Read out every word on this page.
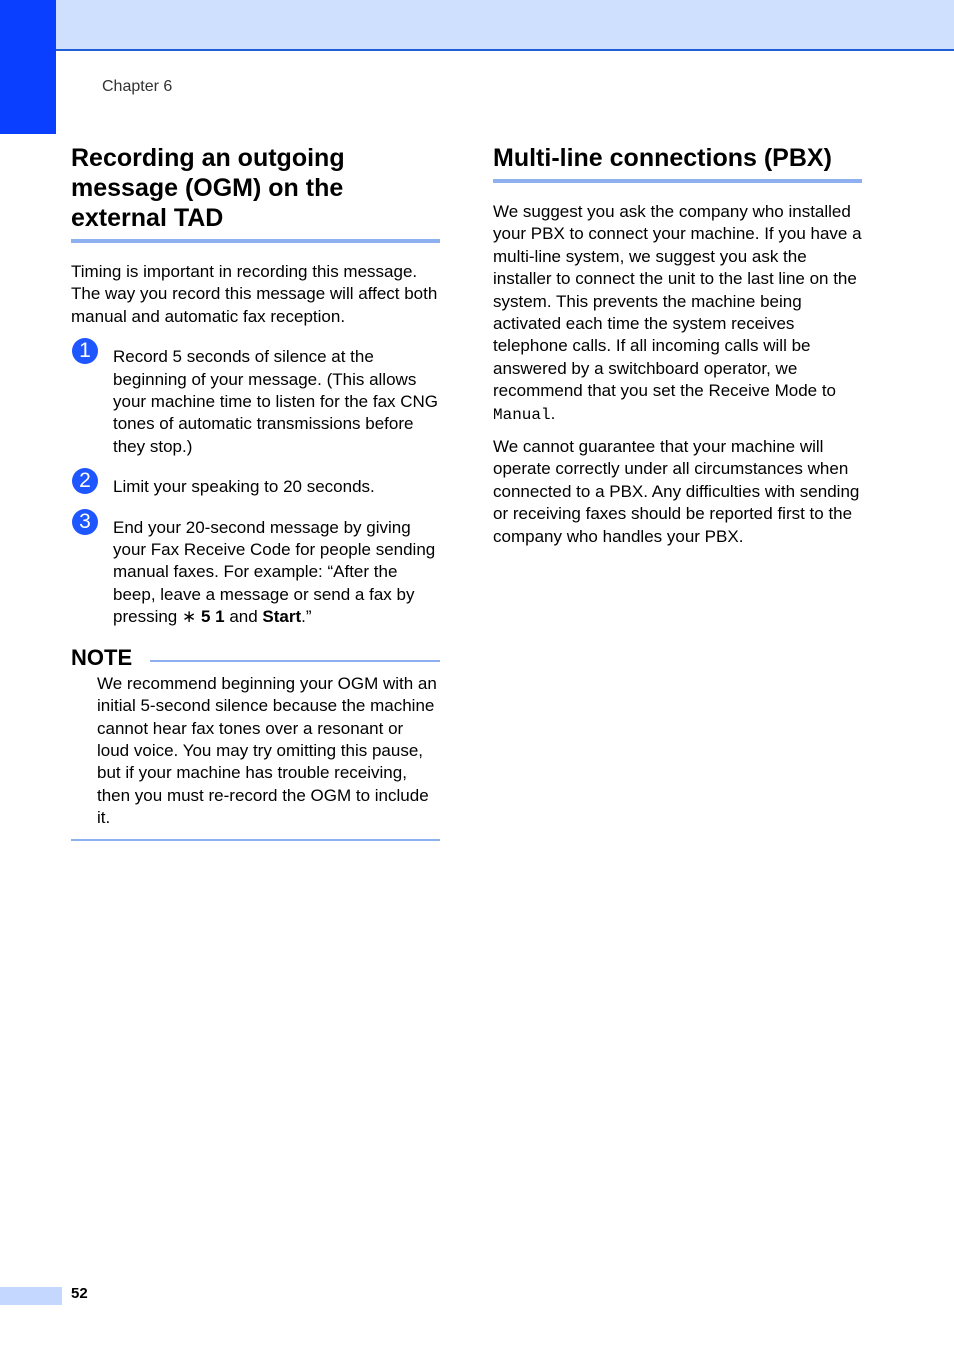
Chapter 6
Recording an outgoing message (OGM) on the external TAD

Timing is important in recording this message. The way you record this message will affect both manual and automatic fax reception.

1	Record 5 seconds of silence at the beginning of your message. (This allows your machine time to listen for the fax CNG tones of automatic transmissions before they stop.)
2	Limit your speaking to 20 seconds.
3	End your 20-second message by giving your Fax Receive Code for people sending manual faxes. For example: “After the beep, leave a message or send a fax by pressing ∗ 5 1 and Start.”
NOTE
We recommend beginning your OGM with an initial 5-second silence because the machine cannot hear fax tones over a resonant or loud voice. You may try omitting this pause, but if your machine has trouble receiving, then you must re-record the OGM to include it.
Multi-line connections (PBX)

We suggest you ask the company who installed your PBX to connect your machine. If you have a multi-line system, we suggest you ask the installer to connect the unit to the last line on the system. This prevents the machine being activated each time the system receives telephone calls. If all incoming calls will be answered by a switchboard operator, we recommend that you set the Receive Mode to Manual.

We cannot guarantee that your machine will operate correctly under all circumstances when connected to a PBX. Any difficulties with sending or receiving faxes should be reported first to the company who handles your PBX.

52
